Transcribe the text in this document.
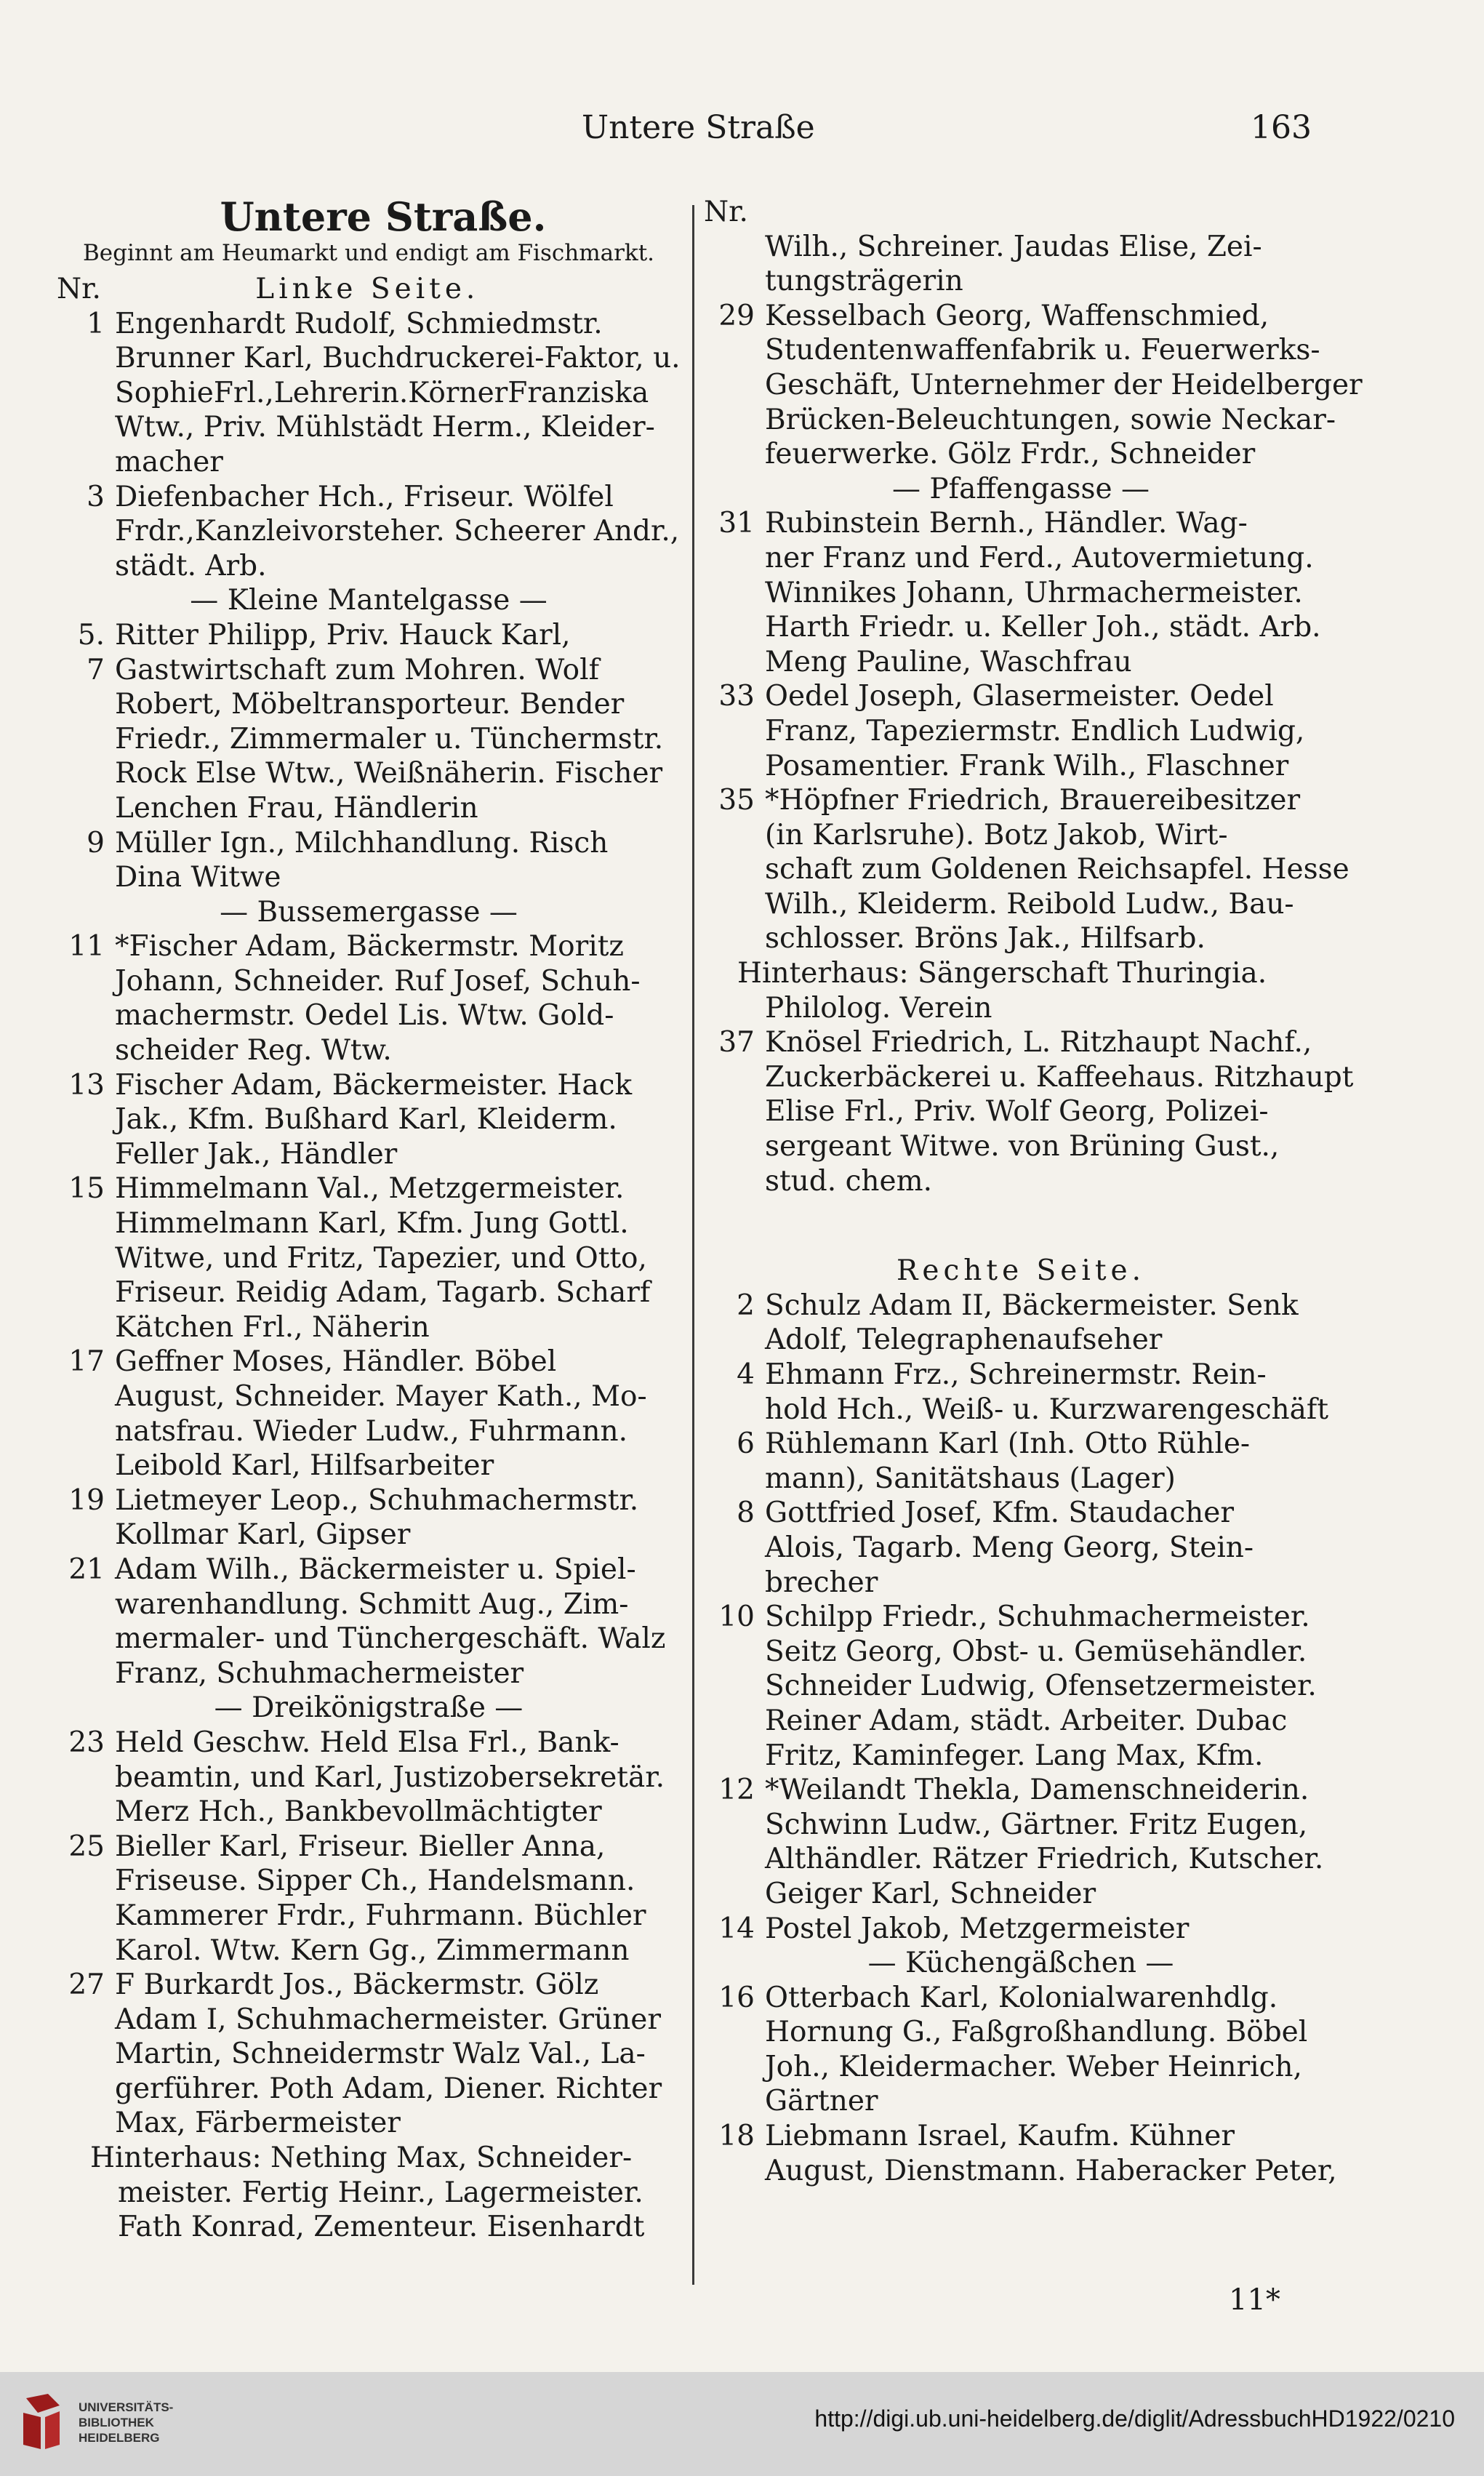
Untere Straße	163
Untere Straße.
Beginnt am Heumarkt und endigt am Fischmarkt.
Nr.	Linke Seite.
1 Engenhardt Rudolf, Schmiedmstr.
Brunner Karl, Buchdruckerei-Faktor, u.
SophieFrl.,Lehrerin.KörnerFranziska
Wtw., Priv. Mühlstädt Herm., Kleider-
macher
3 Diefenbacher Hch., Friseur. Wölfel
Frdr.,Kanzleivorsteher. Scheerer Andr.,
städt. Arb.
— Kleine Mantelgasse —
5. 7
Ritter Philipp, Priv. Hauck Karl,
Gastwirtschaft zum Mohren. Wolf
Robert, Möbeltransporteur. Bender
Friedr., Zimmermaler u. Tünchermstr.
Rock Else Wtw., Weißnäherin. Fischer
Lenchen Frau, Händlerin
9 Müller Ign., Milchhandlung. Risch
Dina Witwe
— Bussemergasse —
11 *Fischer Adam, Bäckermstr. Moritz
Johann, Schneider. Ruf Josef, Schuh-
machermstr. Oedel Lis. Wtw. Gold-
scheider Reg. Wtw.
13 Fischer Adam, Bäckermeister. Hack
Jak., Kfm. Bußhard Karl, Kleiderm.
Feller Jak., Händler
15 Himmelmann Val., Metzgermeister.
Himmelmann Karl, Kfm. Jung Gottl.
Witwe, und Fritz, Tapezier, und Otto,
Friseur. Reidig Adam, Tagarb. Scharf
Kätchen Frl., Näherin
17 Geffner Moses, Händler. Böbel
August, Schneider. Mayer Kath., Mo-
natsfrau. Wieder Ludw., Fuhrmann.
Leibold Karl, Hilfsarbeiter
19 Lietmeyer Leop., Schuhmachermstr.
Kollmar Karl, Gipser
21 Adam Wilh., Bäckermeister u. Spiel-
warenhandlung. Schmitt Aug., Zim-
mermaler- und Tünchergeschäft. Walz
Franz, Schuhmachermeister
— Dreikönigstraße —
23 Held Geschw. Held Elsa Frl., Bank-
beamtin, und Karl, Justizobersekretär.
Merz Hch., Bankbevollmächtigter
25 Bieller Karl, Friseur. Bieller Anna,
Friseuse. Sipper Ch., Handelsmann.
Kammerer Frdr., Fuhrmann. Büchler
Karol. Wtw. Kern Gg., Zimmermann
27 F Burkardt Jos., Bäckermstr. Gölz
Adam I, Schuhmachermeister. Grüner
Martin, Schneidermstr Walz Val., La-
gerführer. Poth Adam, Diener. Richter
Max, Färbermeister
Hinterhaus: Nething Max, Schneider-
meister. Fertig Heinr., Lagermeister.
Fath Konrad, Zementeur. Eisenhardt
Nr.
Wilh., Schreiner. Jaudas Elise, Zei-
tungsträgerin
29 Kesselbach Georg, Waffenschmied,
Studentenwaffenfabrik u. Feuerwerks-
Geschäft, Unternehmer der Heidelberger
Brücken-Beleuchtungen, sowie Neckar-
feuerwerke. Gölz Frdr., Schneider
— Pfaffengasse —
31 Rubinstein Bernh., Händler. Wag-
ner Franz und Ferd., Autovermietung.
Winnikes Johann, Uhrmachermeister.
Harth Friedr. u. Keller Joh., städt. Arb.
Meng Pauline, Waschfrau
33 Oedel Joseph, Glasermeister. Oedel
Franz, Tapeziermstr. Endlich Ludwig,
Posamentier. Frank Wilh., Flaschner
35 *Höpfner Friedrich, Brauereibesitzer
(in Karlsruhe). Botz Jakob, Wirt-
schaft zum Goldenen Reichsapfel. Hesse
Wilh., Kleiderm. Reibold Ludw., Bau-
schlosser. Bröns Jak., Hilfsarb.
Hinterhaus: Sängerschaft Thuringia.
Philolog. Verein
37 Knösel Friedrich, L. Ritzhaupt Nachf.,
Zuckerbäckerei u. Kaffeehaus. Ritzhaupt
Elise Frl., Priv. Wolf Georg, Polizei-
sergeant Witwe. von Brüning Gust.,
stud. chem.
Rechte Seite.
2 Schulz Adam II, Bäckermeister. Senk
Adolf, Telegraphenaufseher
4 Ehmann Frz., Schreinermstr. Rein-
hold Hch., Weiß- u. Kurzwarengeschäft
6 Rühlemann Karl (Inh. Otto Rühle-
mann), Sanitätshaus (Lager)
8 Gottfried Josef, Kfm. Staudacher
Alois, Tagarb. Meng Georg, Stein-
brecher
10 Schilpp Friedr., Schuhmachermeister.
Seitz Georg, Obst- u. Gemüsehändler.
Schneider Ludwig, Ofensetzermeister.
Reiner Adam, städt. Arbeiter. Dubac
Fritz, Kaminfeger. Lang Max, Kfm.
12 *Weilandt Thekla, Damenschneiderin.
Schwinn Ludw., Gärtner. Fritz Eugen,
Althändler. Rätzer Friedrich, Kutscher.
Geiger Karl, Schneider
14 Postel Jakob, Metzgermeister
— Küchengäßchen —
16 Otterbach Karl, Kolonialwarenhdlg.
Hornung G., Faßgroßhandlung. Böbel
Joh., Kleidermacher. Weber Heinrich,
Gärtner
18 Liebmann Israel, Kaufm. Kühner
August, Dienstmann. Haberacker Peter,
11*
UNIVERSITÄTS-
BIBLIOTHEK
HEIDELBERG
http://digi.ub.uni-heidelberg.de/diglit/AdressbuchHD1922/0210
